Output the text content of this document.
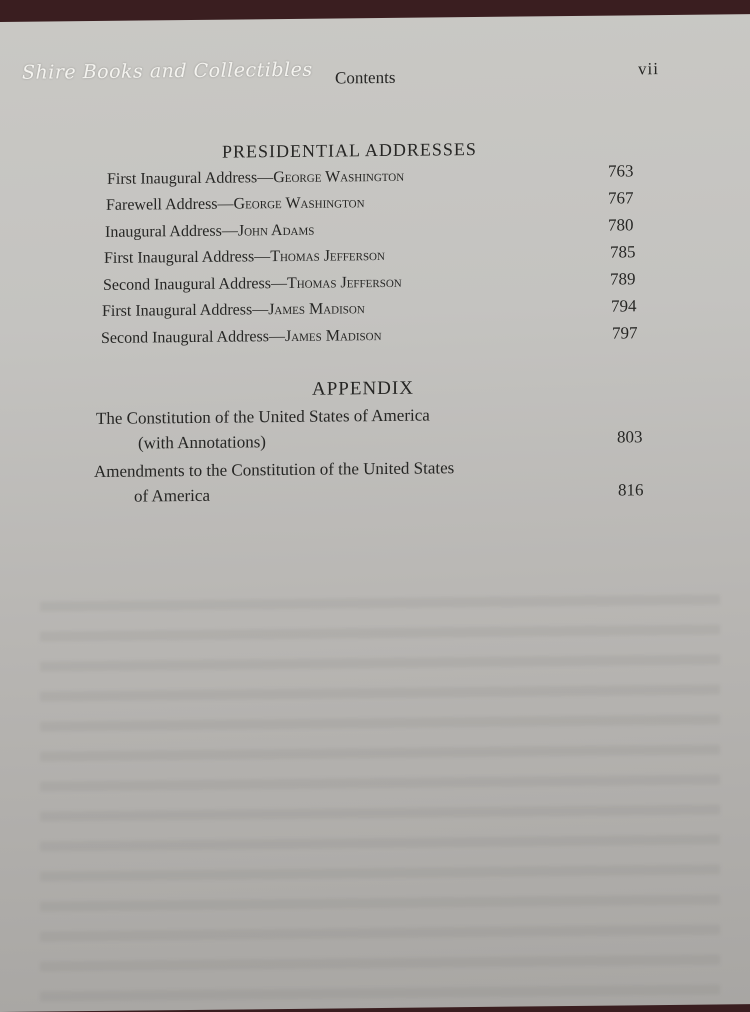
Shire Books and Collectibles Contents	vii
PRESIDENTIAL ADDRESSES
First Inaugural Address—George Washington	763
Farewell Address—George Washington	767
Inaugural Address—John Adams	780
First Inaugural Address—Thomas Jefferson	785
Second Inaugural Address—Thomas Jefferson	789
First Inaugural Address—James Madison	794
Second Inaugural Address—James Madison	797
APPENDIX
The Constitution of the United States of America
(with Annotations)	803
Amendments to the Constitution of the United States
of America	816
